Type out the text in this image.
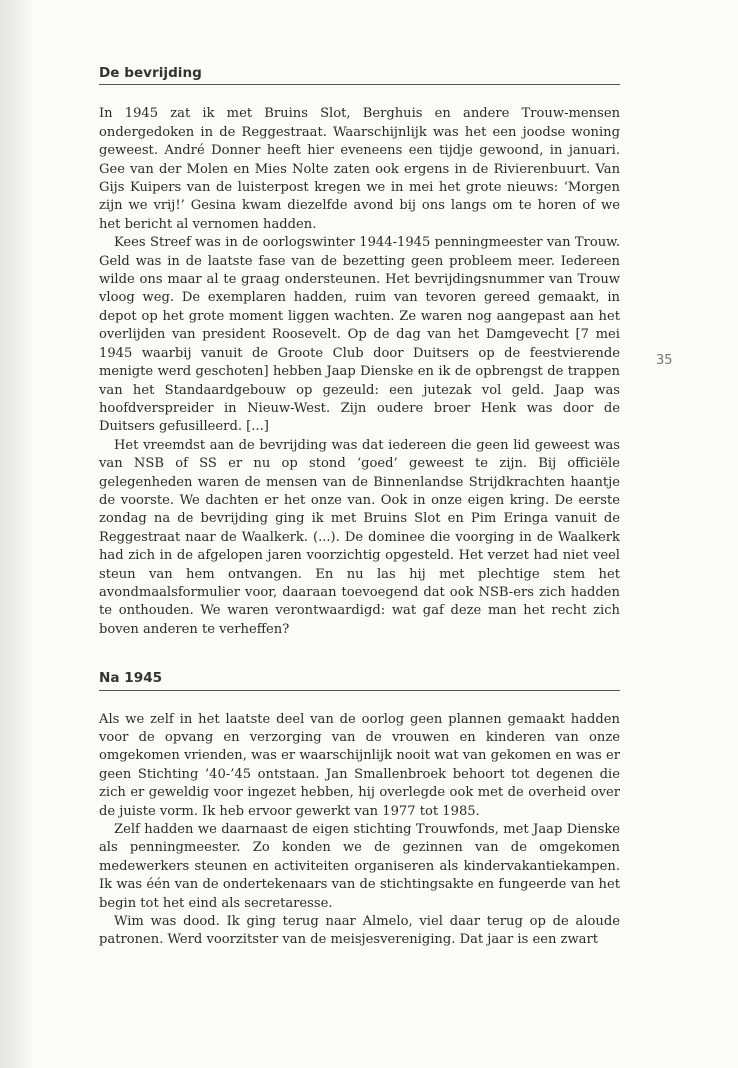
De bevrijding

In 1945 zat ik met Bruins Slot, Berghuis en andere Trouw-mensen ondergedoken in de Reggestraat. Waarschijnlijk was het een joodse woning geweest. André Donner heeft hier eveneens een tijdje gewoond, in januari. Gee van der Molen en Mies Nolte zaten ook ergens in de Rivierenbuurt. Van Gijs Kuipers van de luisterpost kregen we in mei het grote nieuws: ‘Morgen zijn we vrij!’ Gesina kwam diezelfde avond bij ons langs om te horen of we het bericht al vernomen hadden.

Kees Streef was in de oorlogswinter 1944-1945 penningmeester van Trouw. Geld was in de laatste fase van de bezetting geen probleem meer. Iedereen wilde ons maar al te graag ondersteunen. Het bevrijdingsnummer van Trouw vloog weg. De exemplaren hadden, ruim van tevoren gereed gemaakt, in depot op het grote moment liggen wachten. Ze waren nog aangepast aan het overlijden van president Roosevelt. Op de dag van het Damgevecht [7 mei 1945 waarbij vanuit de Groote Club door Duitsers op de feestvierende menigte werd geschoten] hebben Jaap Dienske en ik de opbrengst de trappen van het Standaardgebouw op gezeuld: een jutezak vol geld. Jaap was hoofdverspreider in Nieuw-West. Zijn oudere broer Henk was door de Duitsers gefusilleerd. [...]

Het vreemdst aan de bevrijding was dat iedereen die geen lid geweest was van NSB of SS er nu op stond ‘goed’ geweest te zijn. Bij officiële gelegenheden waren de mensen van de Binnenlandse Strijdkrachten haantje de voorste. We dachten er het onze van. Ook in onze eigen kring. De eerste zondag na de bevrijding ging ik met Bruins Slot en Pim Eringa vanuit de Reggestraat naar de Waalkerk. (...). De dominee die voorging in de Waalkerk had zich in de afgelopen jaren voorzichtig opgesteld. Het verzet had niet veel steun van hem ontvangen. En nu las hij met plechtige stem het avondmaalsformulier voor, daaraan toevoegend dat ook NSB-ers zich hadden te onthouden. We waren verontwaardigd: wat gaf deze man het recht zich boven anderen te verheffen?

Na 1945

Als we zelf in het laatste deel van de oorlog geen plannen gemaakt hadden voor de opvang en verzorging van de vrouwen en kinderen van onze omgekomen vrienden, was er waarschijnlijk nooit wat van gekomen en was er geen Stichting ’40-’45 ontstaan. Jan Smallenbroek behoort tot degenen die zich er geweldig voor ingezet hebben, hij overlegde ook met de overheid over de juiste vorm. Ik heb ervoor gewerkt van 1977 tot 1985.

Zelf hadden we daarnaast de eigen stichting Trouwfonds, met Jaap Dienske als penningmeester. Zo konden we de gezinnen van de omgekomen medewerkers steunen en activiteiten organiseren als kindervakantiekampen. Ik was één van de ondertekenaars van de stichtingsakte en fungeerde van het begin tot het eind als secretaresse.

Wim was dood. Ik ging terug naar Almelo, viel daar terug op de aloude patronen. Werd voorzitster van de meisjesvereniging. Dat jaar is een zwart

35
